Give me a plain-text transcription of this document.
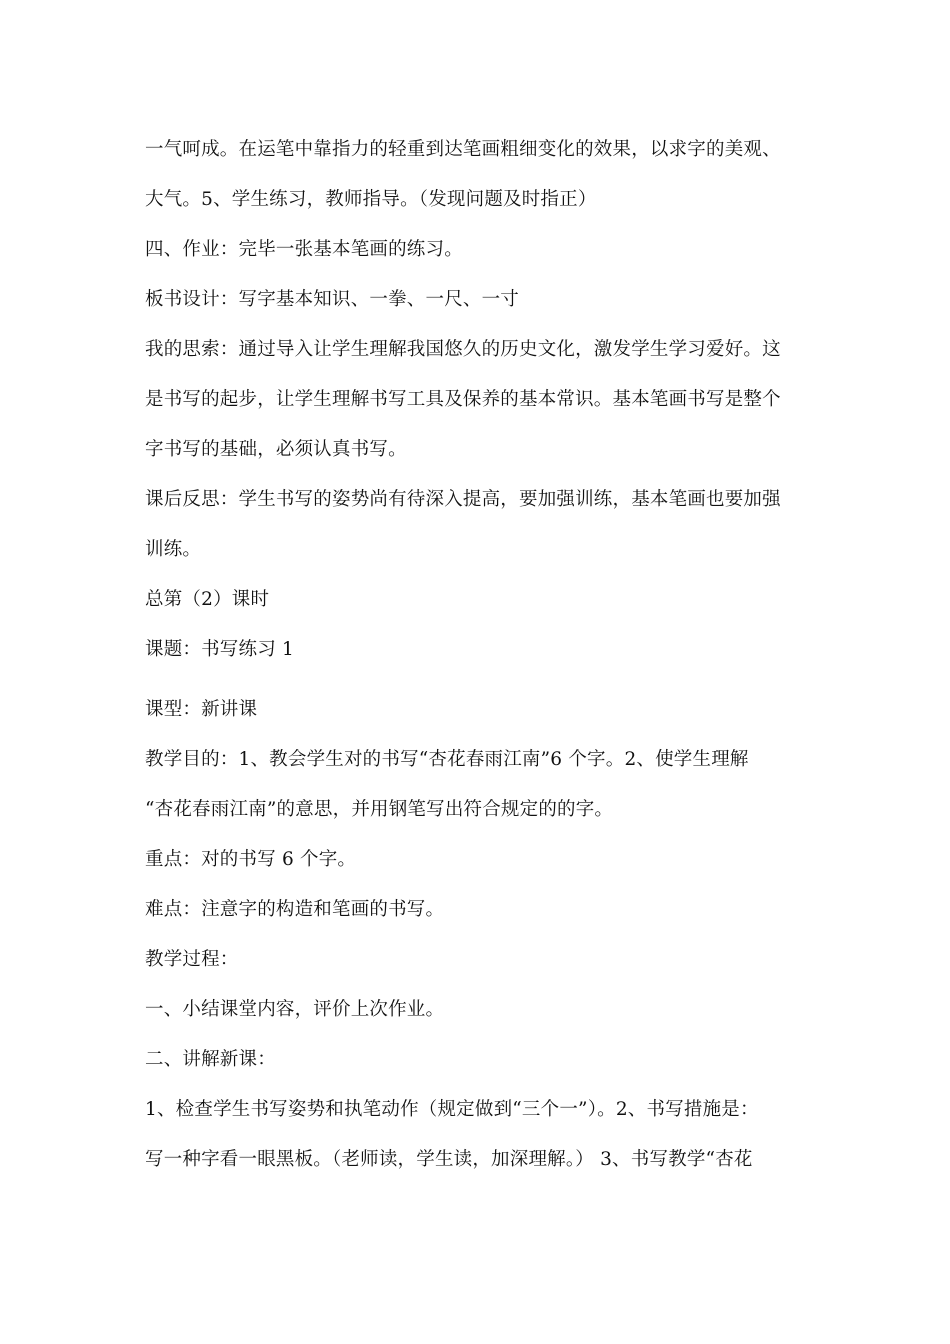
一气呵成。在运笔中靠指力的轻重到达笔画粗细变化的效果，以求字的美观、
大气。5、学生练习，教师指导。（发现问题及时指正）
四、作业：完毕一张基本笔画的练习。
板书设计：写字基本知识、一拳、一尺、一寸
我的思索：通过导入让学生理解我国悠久的历史文化，激发学生学习爱好。这
是书写的起步，让学生理解书写工具及保养的基本常识。基本笔画书写是整个
字书写的基础，必须认真书写。
课后反思：学生书写的姿势尚有待深入提高，要加强训练，基本笔画也要加强
训练。
总第（2）课时
课题：书写练习 1
课型：新讲课
教学目的：1、教会学生对的书写“杏花春雨江南”6 个字。2、使学生理解
“杏花春雨江南”的意思，并用钢笔写出符合规定的的字。
重点：对的书写 6 个字。
难点：注意字的构造和笔画的书写。
教学过程：
一、小结课堂内容，评价上次作业。
二、讲解新课：
1、检查学生书写姿势和执笔动作（规定做到“三个一”）。2、书写措施是：
写一种字看一眼黑板。（老师读，学生读，加深理解。） 3、书写教学“杏花
